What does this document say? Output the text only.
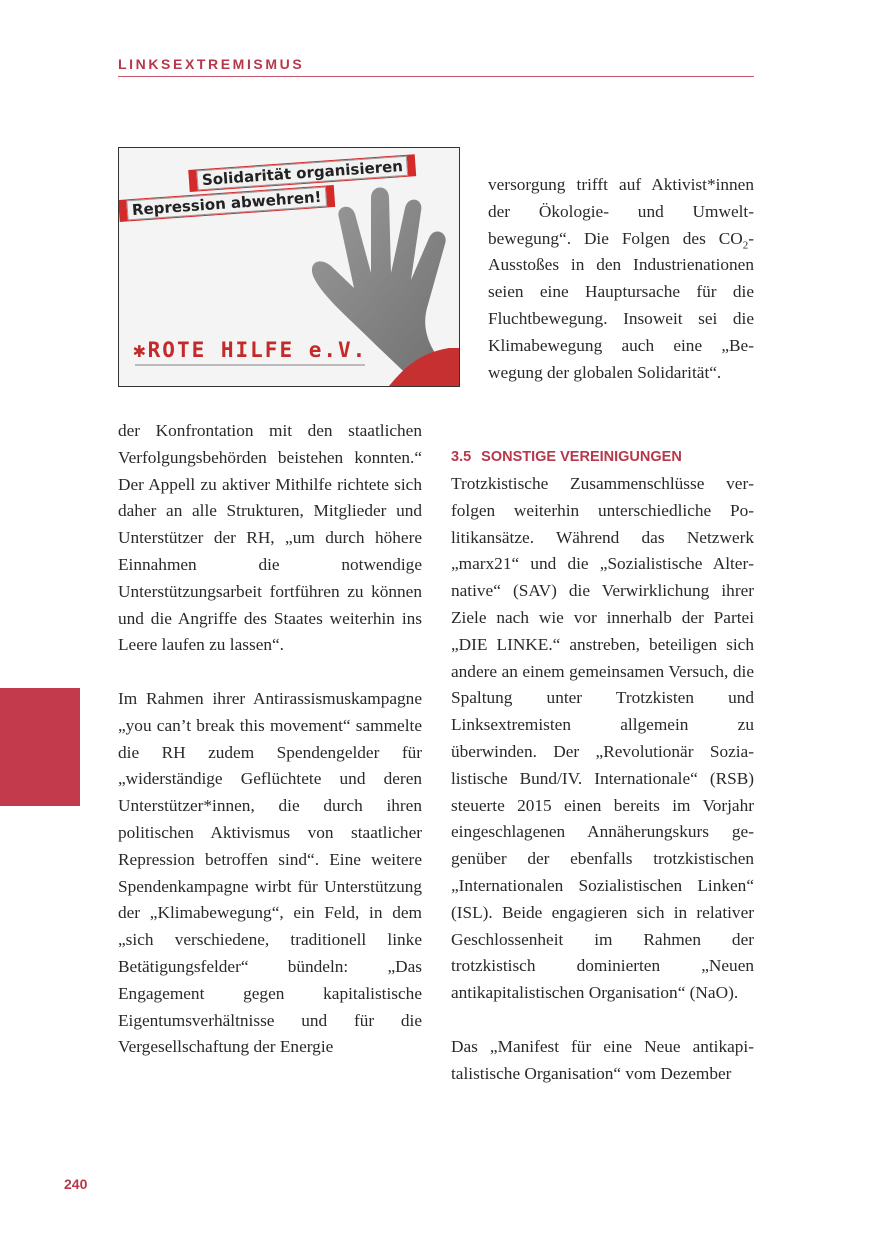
LINKSEXTREMISMUS
Solidarität organisieren
Repression abwehren!
✱ROTE HILFE e.V.

versorgung trifft auf Aktivist*innen der Ökologie- und Umweltbewegung“. Die Folgen des $CO_2$-Ausstoßes in den Industrienationen seien eine Hauptursache für die Fluchtbewegung. Insoweit sei die Klimabewegung auch eine „Bewegung der globalen Solidarität“.

der Konfrontation mit den staatlichen Verfolgungsbehörden beistehen konnten.“ Der Appell zu aktiver Mithilfe richtete sich daher an alle Strukturen, Mitglieder und Unterstützer der RH, „um durch höhere Einnahmen die notwendige Unterstützungsarbeit fortführen zu können und die Angriffe des Staates weiterhin ins Leere laufen zu lassen“.

Im Rahmen ihrer Antirassismuskampagne „you can’t break this movement“ sammelte die RH zudem Spendengelder für „widerständige Geflüchtete und deren Unterstützer*innen, die durch ihren politischen Aktivismus von staatlicher Repression betroffen sind“. Eine weitere Spendenkampagne wirbt für Unterstützung der „Klimabewegung“, ein Feld, in dem „sich verschiedene, traditionell linke Betätigungsfelder“ bündeln: „Das Engagement gegen kapitalistische Eigentumsverhältnisse und für die Vergesellschaftung der Energie

3.5 SONSTIGE VEREINIGUNGEN

Trotzkistische Zusammenschlüsse verfolgen weiterhin unterschiedliche Politikansätze. Während das Netzwerk „marx21“ und die „Sozialistische Alternative“ (SAV) die Verwirklichung ihrer Ziele nach wie vor innerhalb der Partei „DIE LINKE.“ anstreben, beteiligen sich andere an einem gemeinsamen Versuch, die Spaltung unter Trotzkisten und Linksextremisten allgemein zu überwinden. Der „Revolutionär Sozialistische Bund/IV. Internationale“ (RSB) steuerte 2015 einen bereits im Vorjahr eingeschlagenen Annäherungskurs gegenüber der ebenfalls trotzkistischen „Internationalen Sozialistischen Linken“ (ISL). Beide engagieren sich in relativer Geschlossenheit im Rahmen der trotzkistisch dominierten „Neuen antikapitalistischen Organisation“ (NaO).

Das „Manifest für eine Neue antikapitalistische Organisation“ vom Dezember

240
